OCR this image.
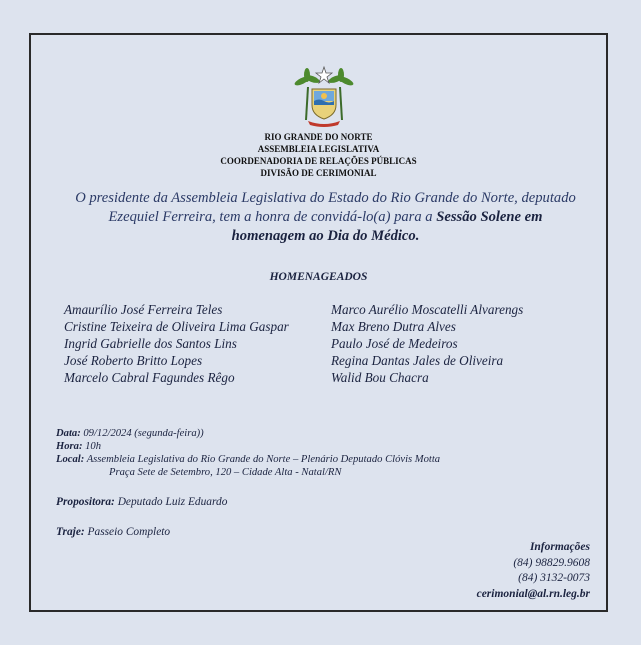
RIO GRANDE DO NORTE
ASSEMBLEIA LEGISLATIVA
COORDENADORIA DE RELAÇÕES PÚBLICAS
DIVISÃO DE CERIMONIAL
O presidente da Assembleia Legislativa do Estado do Rio Grande do Norte, deputado Ezequiel Ferreira, tem a honra de convidá-lo(a) para a Sessão Solene em homenagem ao Dia do Médico.
HOMENAGEADOS
Amaurílio José Ferreira Teles
Cristine Teixeira de Oliveira Lima Gaspar
Ingrid Gabrielle dos Santos Lins
José Roberto Britto Lopes
Marcelo Cabral Fagundes Rêgo
Marco Aurélio Moscatelli Alvarengs
Max Breno Dutra Alves
Paulo José de Medeiros
Regina Dantas Jales de Oliveira
Walid Bou Chacra
Data: 09/12/2024 (segunda-feira))
Hora: 10h
Local: Assembleia Legislativa do Rio Grande do Norte – Plenário Deputado Clóvis Motta
Praça Sete de Setembro, 120 – Cidade Alta - Natal/RN
Propositora: Deputado Luiz Eduardo
Traje: Passeio Completo
Informações
(84) 98829.9608
(84) 3132-0073
cerimonial@al.rn.leg.br
